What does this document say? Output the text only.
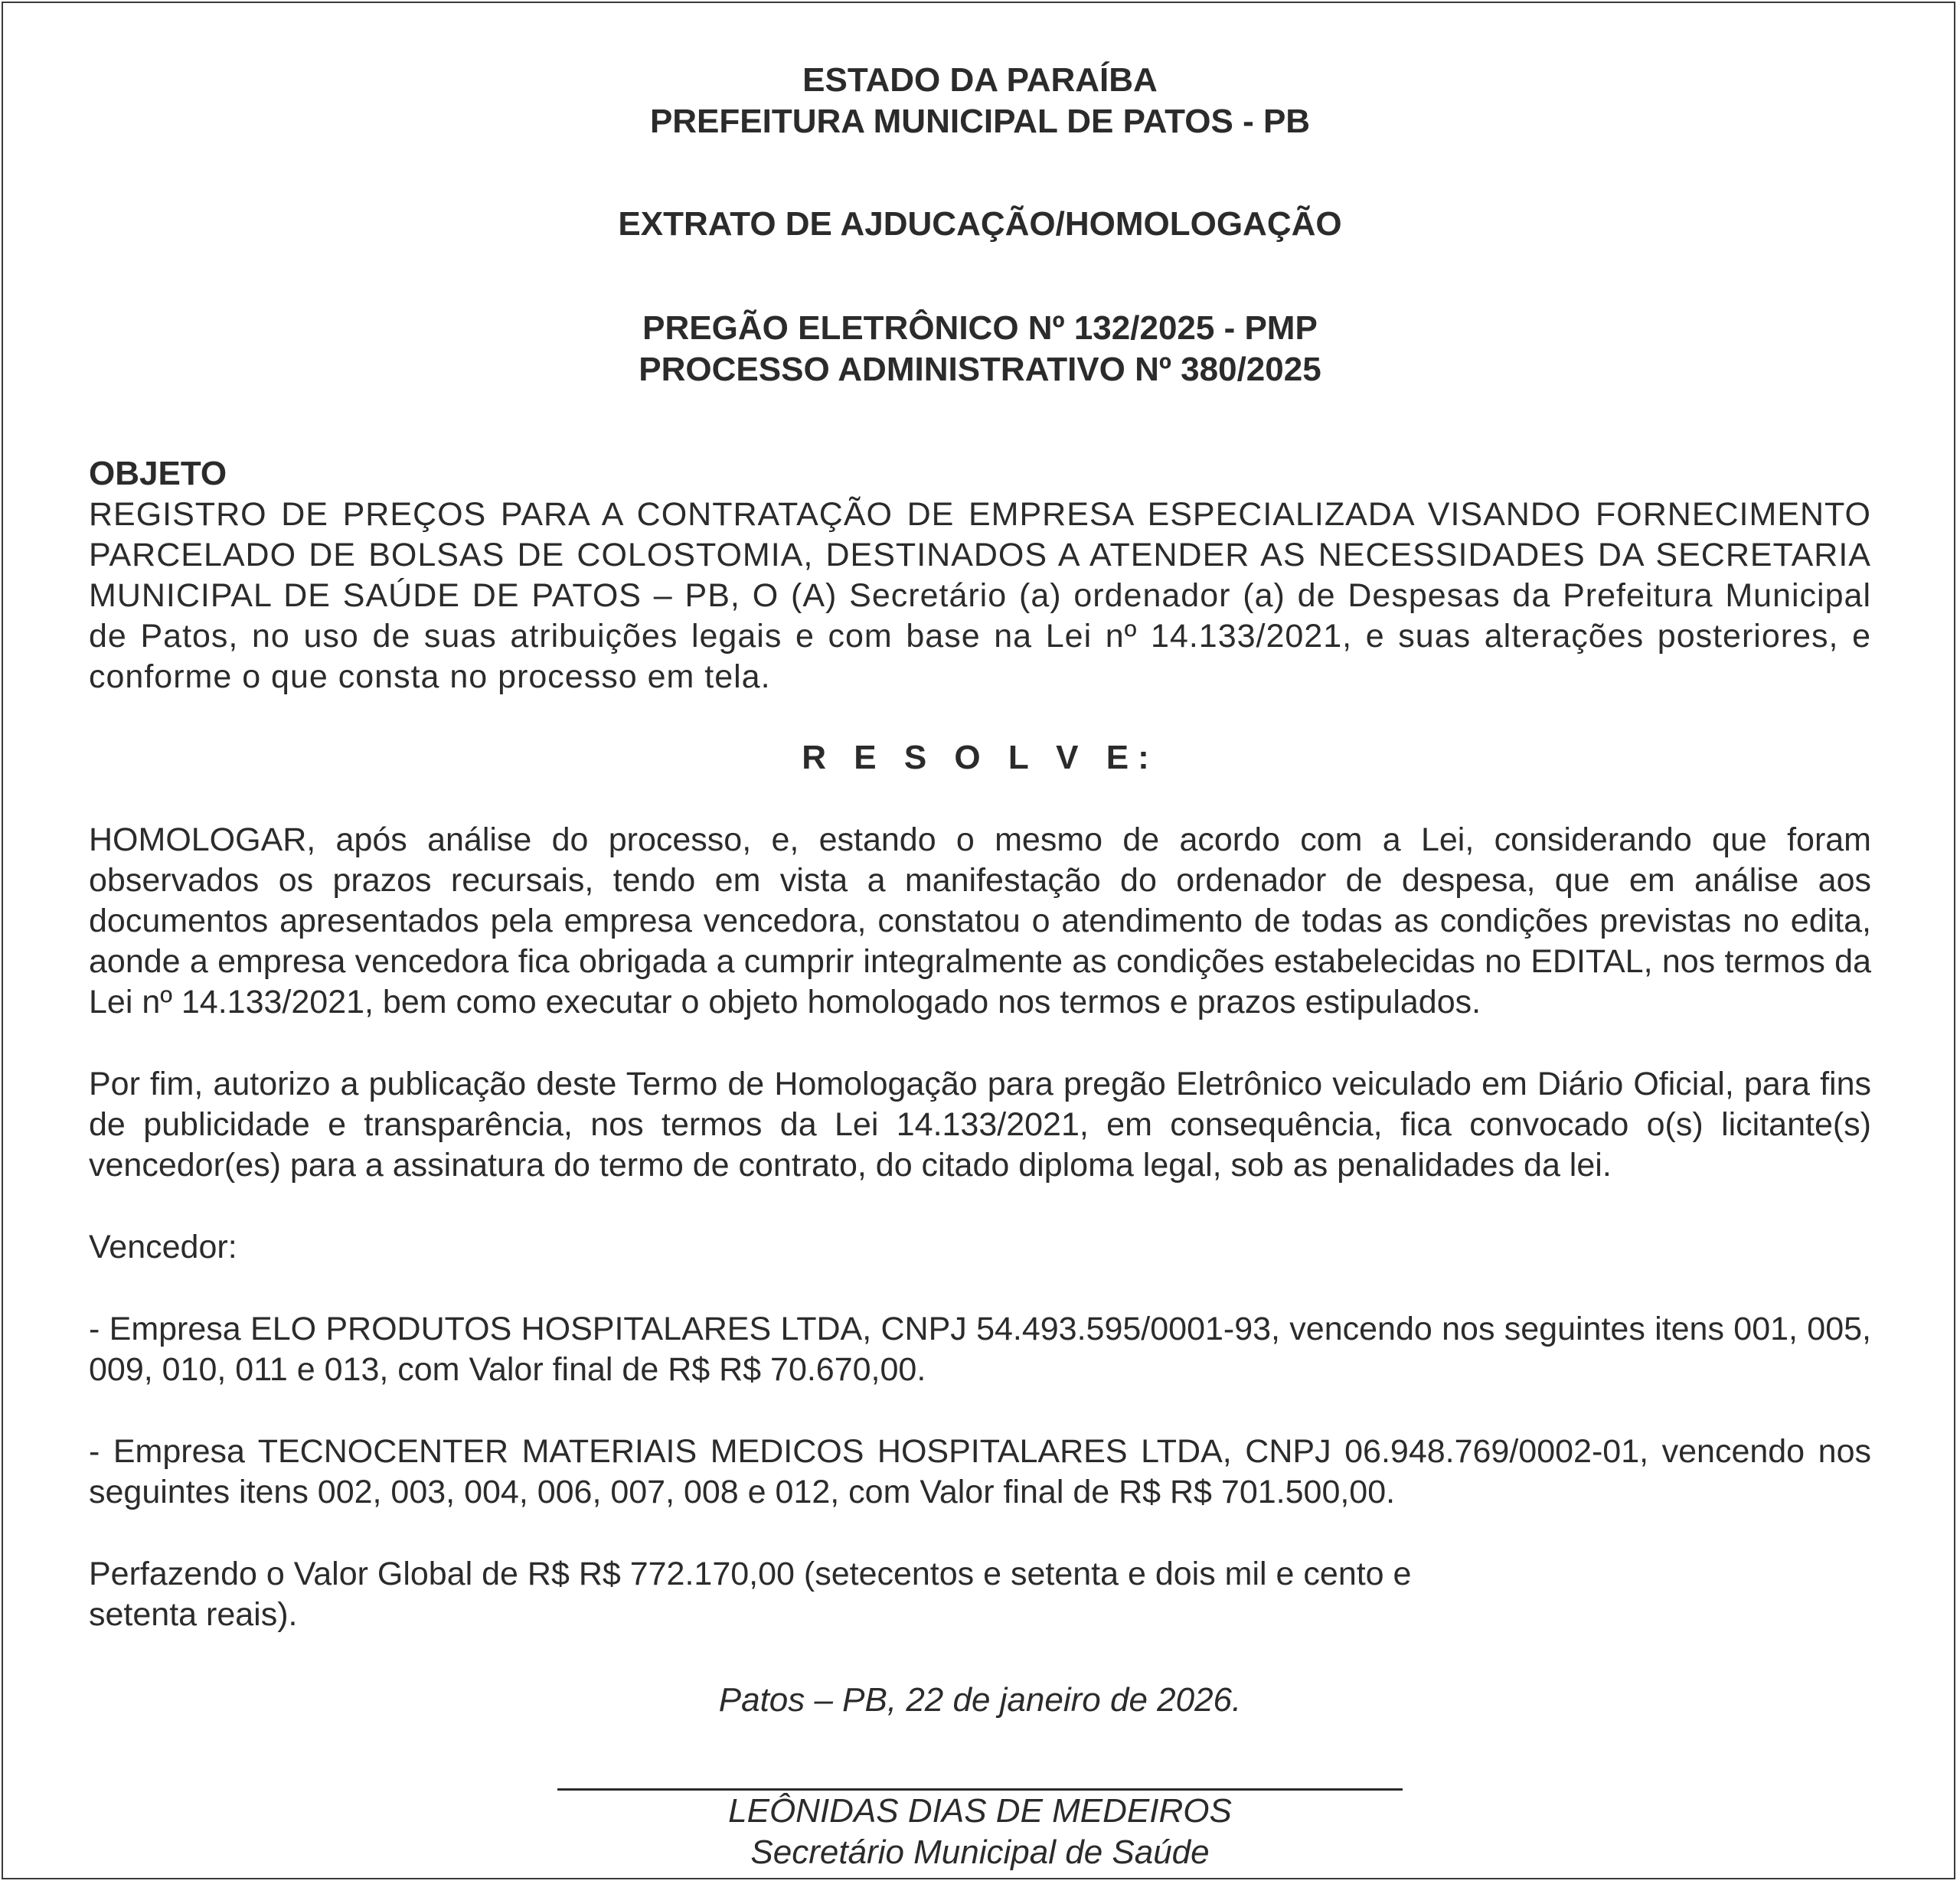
ESTADO DA PARAÍBA
PREFEITURA MUNICIPAL DE PATOS - PB
EXTRATO DE AJDUCAÇÃO/HOMOLOGAÇÃO
PREGÃO ELETRÔNICO Nº 132/2025 - PMP
PROCESSO ADMINISTRATIVO Nº 380/2025
OBJETO
REGISTRO DE PREÇOS PARA A CONTRATAÇÃO DE EMPRESA ESPECIALIZADA VISANDO FORNECIMENTO PARCELADO DE BOLSAS DE COLOSTOMIA, DESTINADOS A ATENDER AS NECESSIDADES DA SECRETARIA MUNICIPAL DE SAÚDE DE PATOS – PB, O (A) Secretário (a) ordenador (a) de Despesas da Prefeitura Municipal de Patos, no uso de suas atribuições legais e com base na Lei nº 14.133/2021, e suas alterações posteriores, e conforme o que consta no processo em tela.
R E S O L V E:
HOMOLOGAR, após análise do processo, e, estando o mesmo de acordo com a Lei, considerando que foram observados os prazos recursais, tendo em vista a manifestação do ordenador de despesa, que em análise aos documentos apresentados pela empresa vencedora, constatou o atendimento de todas as condições previstas no edita, aonde a empresa vencedora fica obrigada a cumprir integralmente as condições estabelecidas no EDITAL, nos termos da Lei nº 14.133/2021, bem como executar o objeto homologado nos termos e prazos estipulados.
Por fim, autorizo a publicação deste Termo de Homologação para pregão Eletrônico veiculado em Diário Oficial, para fins de publicidade e transparência, nos termos da Lei 14.133/2021, em consequência, fica convocado o(s) licitante(s) vencedor(es) para a assinatura do termo de contrato, do citado diploma legal, sob as penalidades da lei.
Vencedor:
- Empresa ELO PRODUTOS HOSPITALARES LTDA, CNPJ 54.493.595/0001-93, vencendo nos seguintes itens 001, 005, 009, 010, 011 e 013, com Valor final de R$ R$ 70.670,00.
- Empresa TECNOCENTER MATERIAIS MEDICOS HOSPITALARES LTDA, CNPJ 06.948.769/0002-01, vencendo nos seguintes itens 002, 003, 004, 006, 007, 008 e 012, com Valor final de R$ R$ 701.500,00.
Perfazendo o Valor Global de R$ R$ 772.170,00 (setecentos e setenta e dois mil e cento e
setenta reais).
Patos – PB, 22 de janeiro de 2026.
LEÔNIDAS DIAS DE MEDEIROS
Secretário Municipal de Saúde
